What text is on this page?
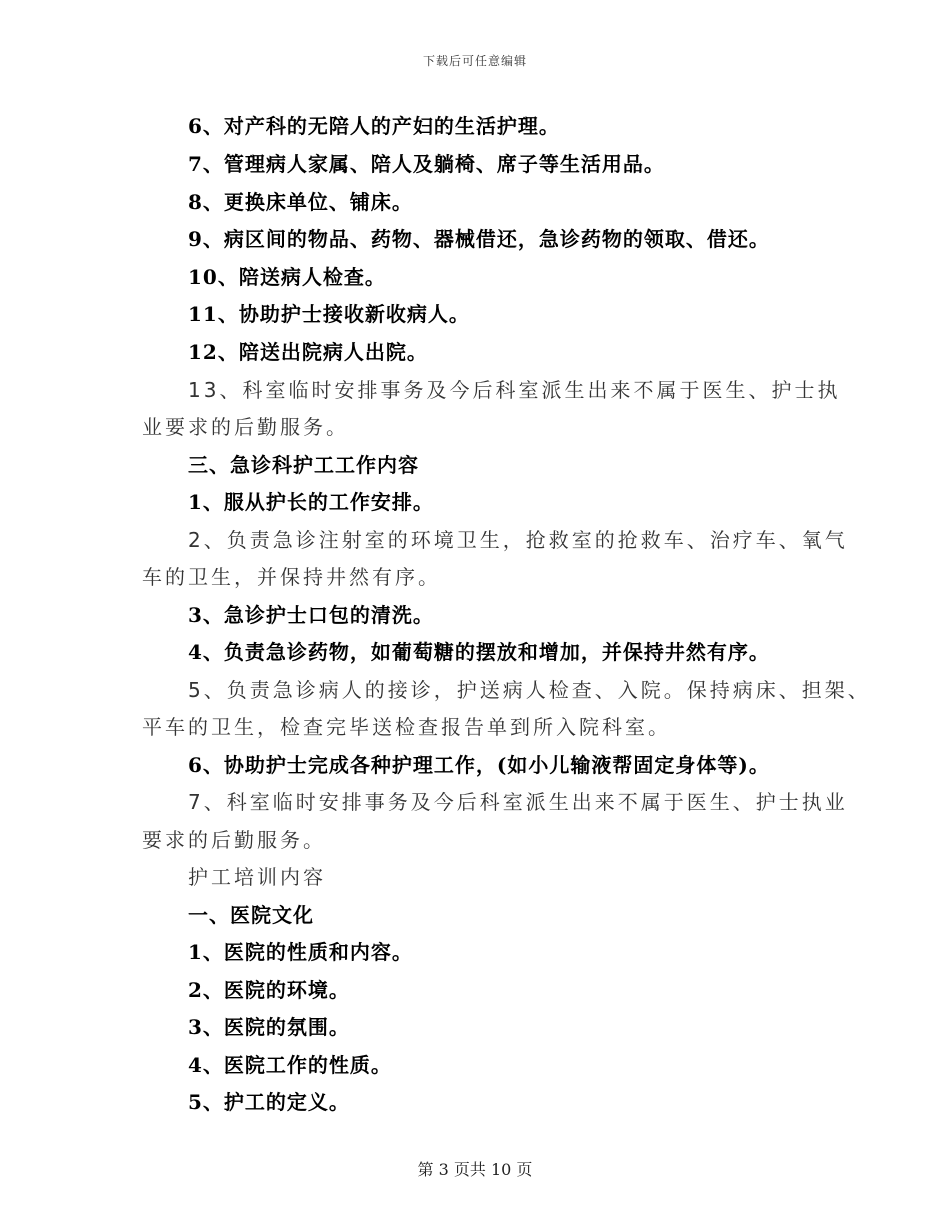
下载后可任意编辑
6、对产科的无陪人的产妇的生活护理。
7、管理病人家属、陪人及躺椅、席子等生活用品。
8、更换床单位、铺床。
9、病区间的物品、药物、器械借还，急诊药物的领取、借还。
10、陪送病人检查。
11、协助护士接收新收病人。
12、陪送出院病人出院。
13、科室临时安排事务及今后科室派生出来不属于医生、护士执
业要求的后勤服务。
三、急诊科护工工作内容
1、服从护长的工作安排。
2、负责急诊注射室的环境卫生，抢救室的抢救车、治疗车、氧气
车的卫生，并保持井然有序。
3、急诊护士口包的清洗。
4、负责急诊药物，如葡萄糖的摆放和增加，并保持井然有序。
5、负责急诊病人的接诊，护送病人检查、入院。保持病床、担架、
平车的卫生，检查完毕送检查报告单到所入院科室。
6、协助护士完成各种护理工作，(如小儿输液帮固定身体等)。
7、科室临时安排事务及今后科室派生出来不属于医生、护士执业
要求的后勤服务。
护工培训内容
一、医院文化
1、医院的性质和内容。
2、医院的环境。
3、医院的氛围。
4、医院工作的性质。
5、护工的定义。
第 3 页共 10 页
